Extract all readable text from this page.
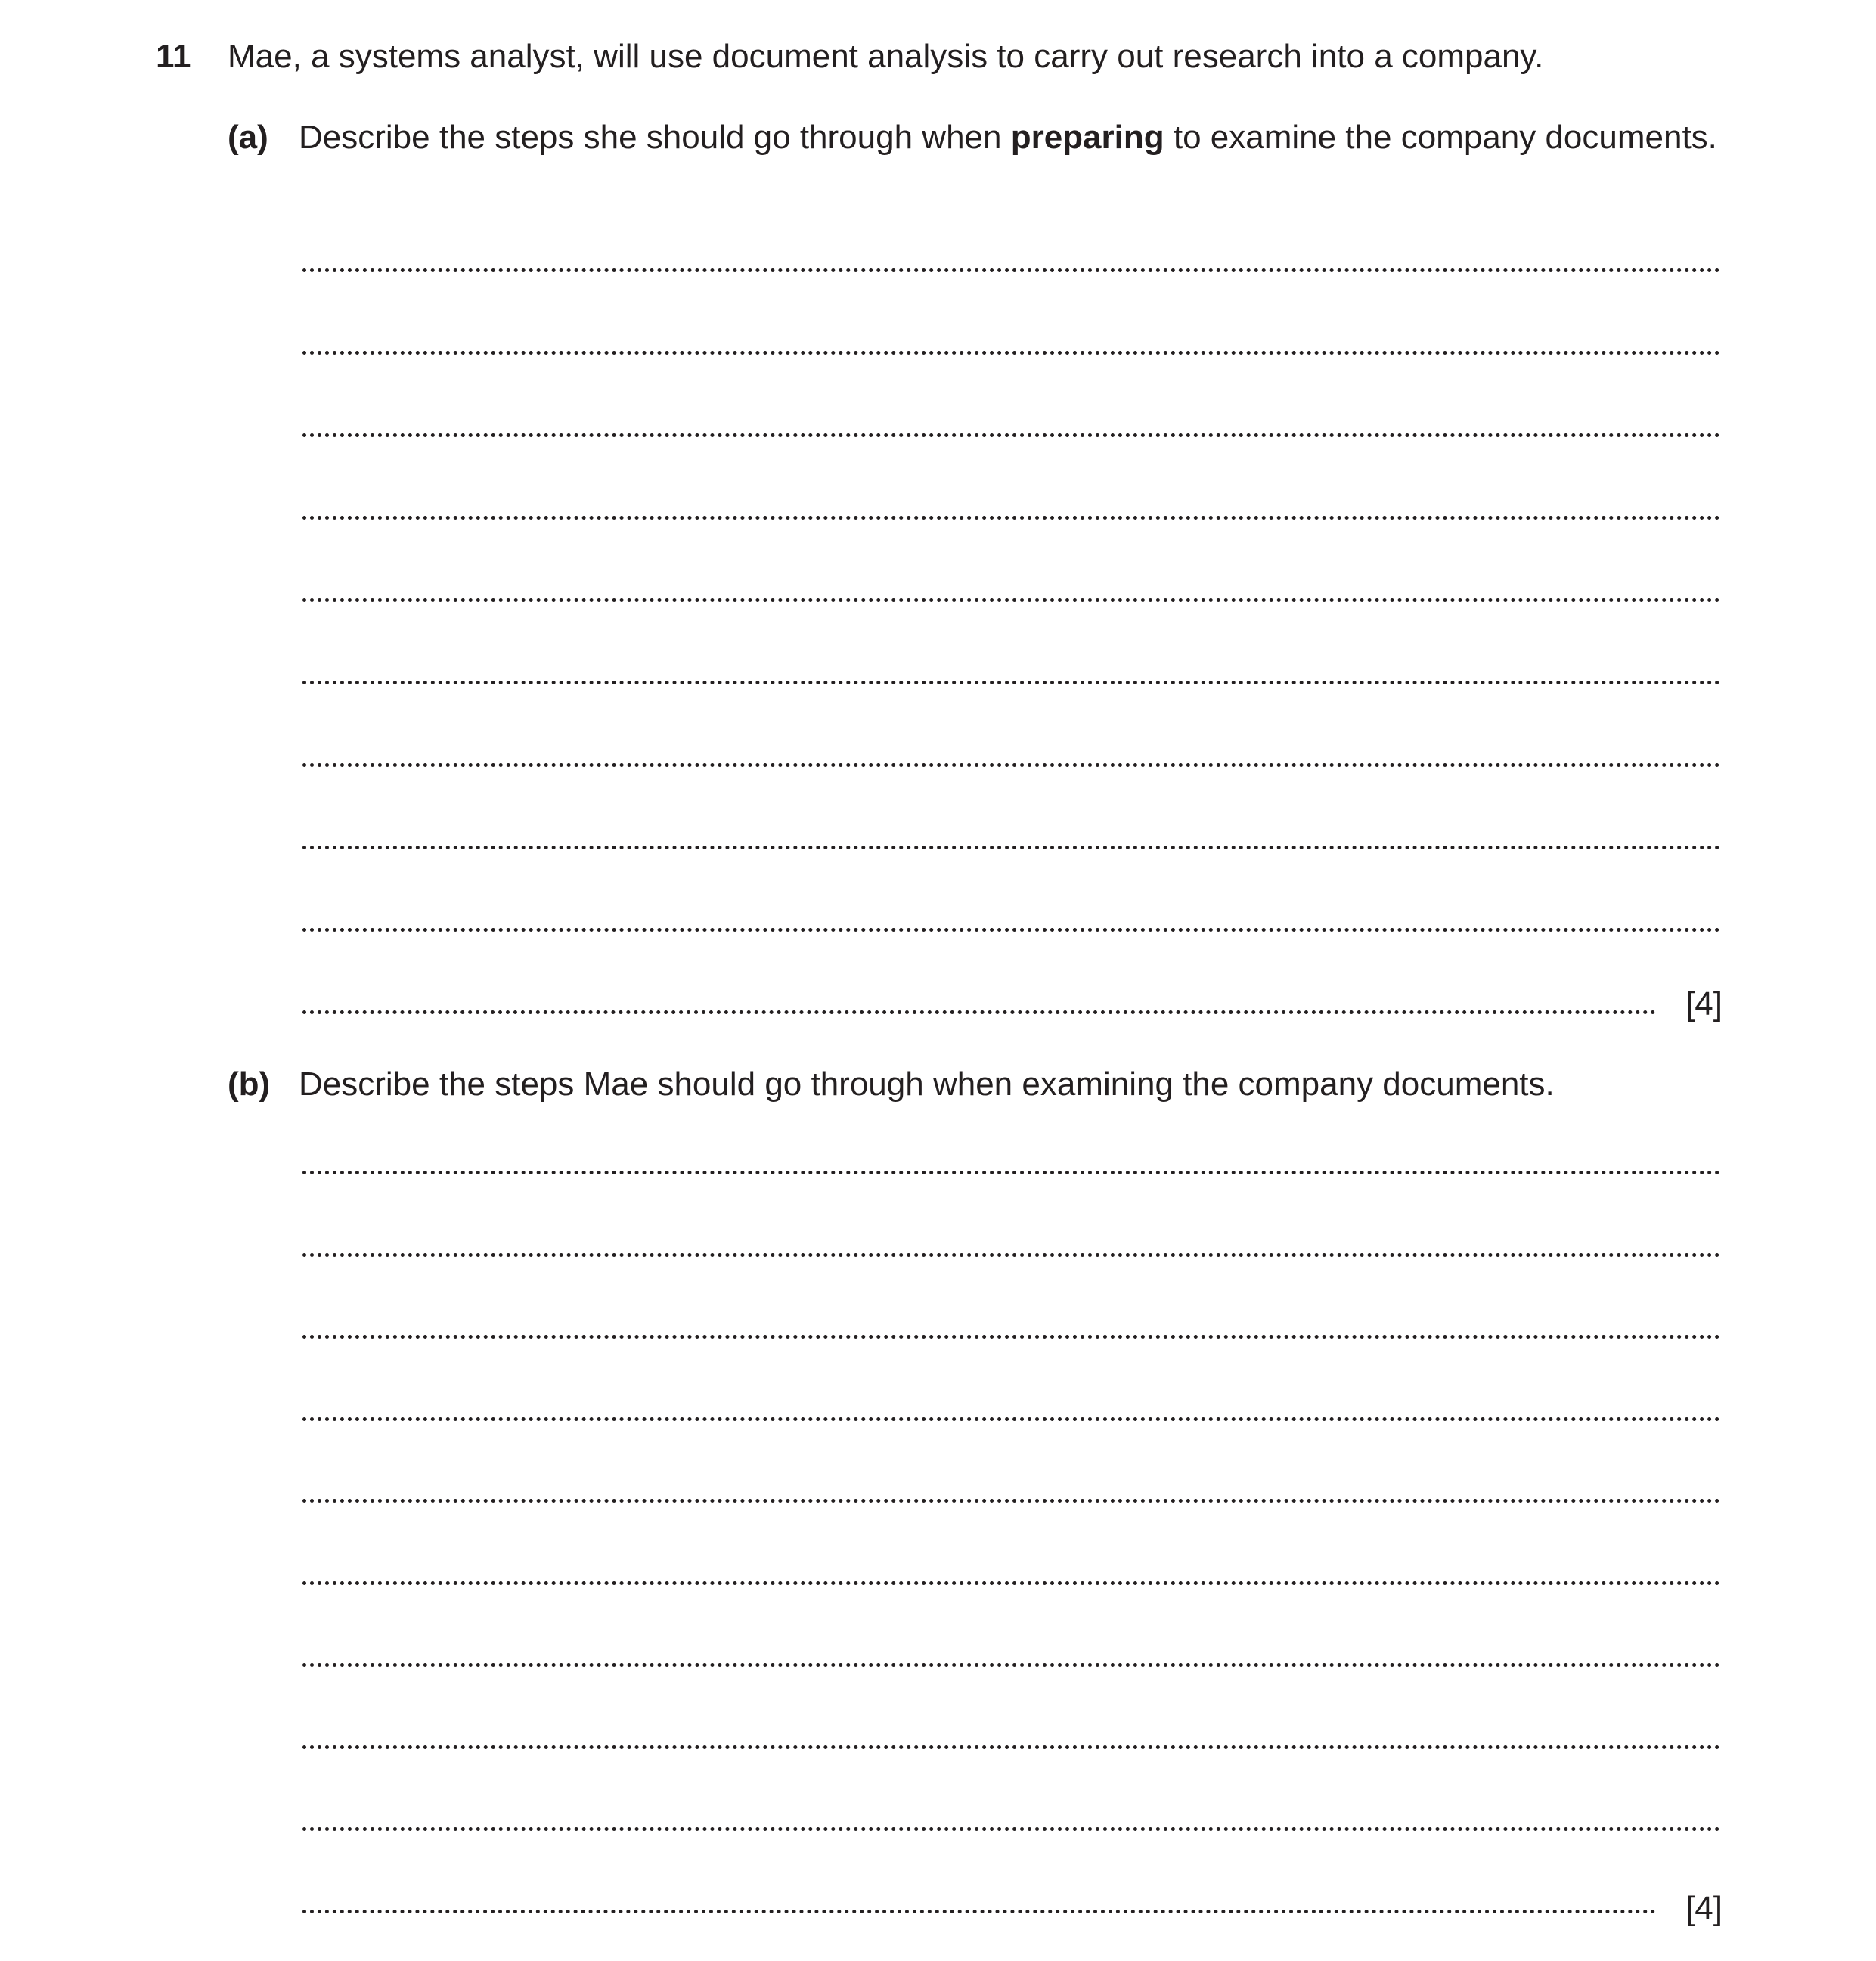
11 Mae, a systems analyst, will use document analysis to carry out research into a company.
(a) Describe the steps she should go through when preparing to examine the company documents.
[4]
(b) Describe the steps Mae should go through when examining the company documents.
[4]
